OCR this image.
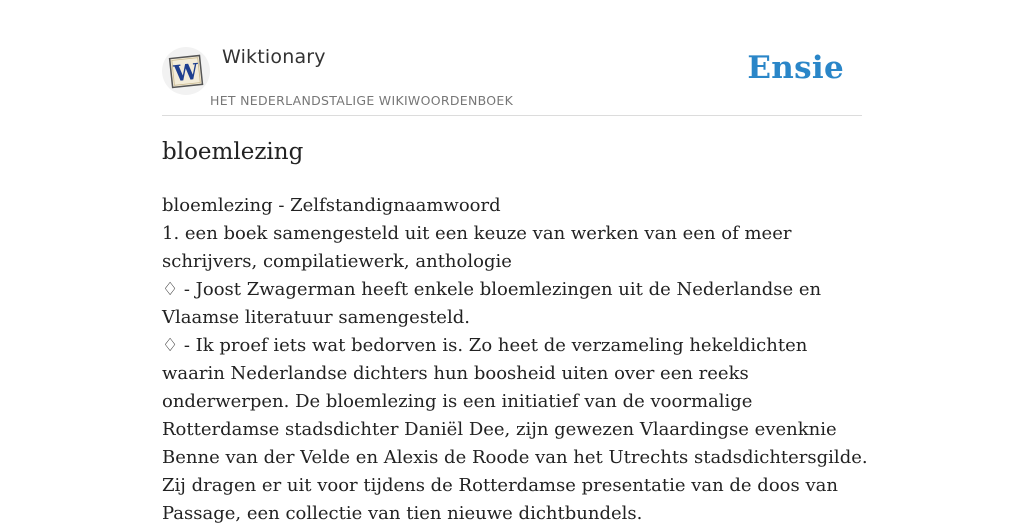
W
Wiktionary
HET NEDERLANDSTALIGE WIKIWOORDENBOEK
Ensie
bloemlezing
bloemlezing - Zelfstandignaamwoord
1. een boek samengesteld uit een keuze van werken van een of meer schrijvers, compilatiewerk, anthologie
♢ - Joost Zwagerman heeft enkele bloemlezingen uit de Nederlandse en Vlaamse literatuur samengesteld.
♢ - Ik proef iets wat bedorven is. Zo heet de verzameling hekeldichten waarin Nederlandse dichters hun boosheid uiten over een reeks onderwerpen. De bloemlezing is een initiatief van de voormalige Rotterdamse stadsdichter Daniël Dee, zijn gewezen Vlaardingse evenknie Benne van der Velde en Alexis de Roode van het Utrechts stadsdichtersgilde. Zij dragen er uit voor tijdens de Rotterdamse presentatie van de doos van Passage, een collectie van tien nieuwe dichtbundels.
